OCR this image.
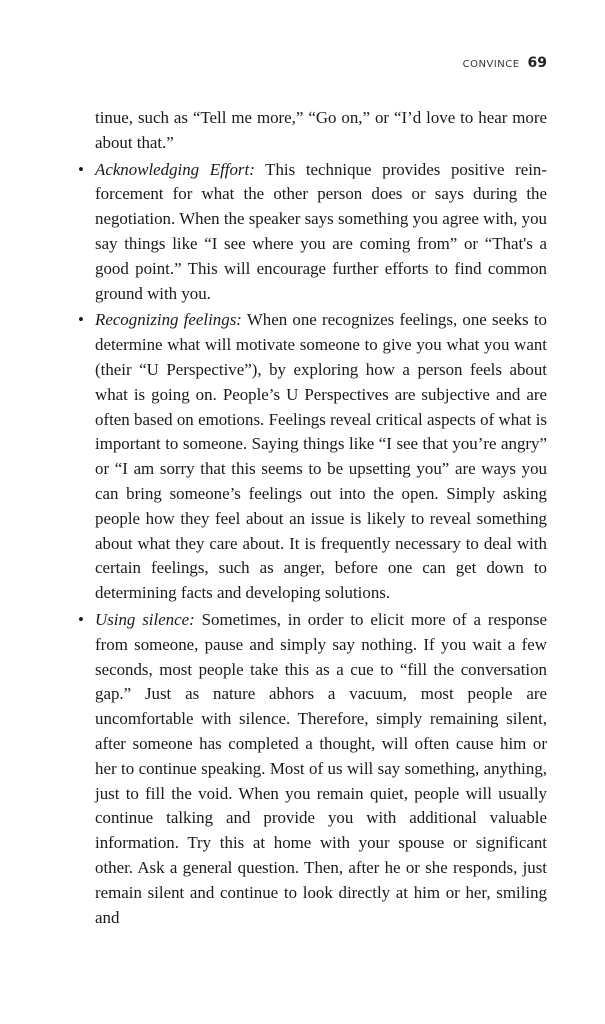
CONVINCE 69

tinue, such as “Tell me more,” “Go on,” or “I’d love to hear more about that.”

• Acknowledging Effort: This technique provides positive reinforcement for what the other person does or says during the negotiation. When the speaker says something you agree with, you say things like “I see where you are coming from” or “That's a good point.” This will encourage further efforts to find common ground with you.
• Recognizing feelings: When one recognizes feelings, one seeks to determine what will motivate someone to give you what you want (their “U Perspective”), by exploring how a person feels about what is going on. People’s U Perspectives are subjective and are often based on emotions. Feelings reveal critical aspects of what is important to someone. Saying things like “I see that you’re angry” or “I am sorry that this seems to be upsetting you” are ways you can bring someone’s feelings out into the open. Simply asking people how they feel about an issue is likely to reveal something about what they care about. It is frequently necessary to deal with certain feelings, such as anger, before one can get down to determining facts and developing solutions.
• Using silence: Sometimes, in order to elicit more of a response from someone, pause and simply say nothing. If you wait a few seconds, most people take this as a cue to “fill the conversation gap.” Just as nature abhors a vacuum, most people are uncomfortable with silence. Therefore, simply remaining silent, after someone has completed a thought, will often cause him or her to continue speaking. Most of us will say something, anything, just to fill the void. When you remain quiet, people will usually continue talking and provide you with additional valuable information. Try this at home with your spouse or significant other. Ask a general question. Then, after he or she responds, just remain silent and continue to look directly at him or her, smiling and
